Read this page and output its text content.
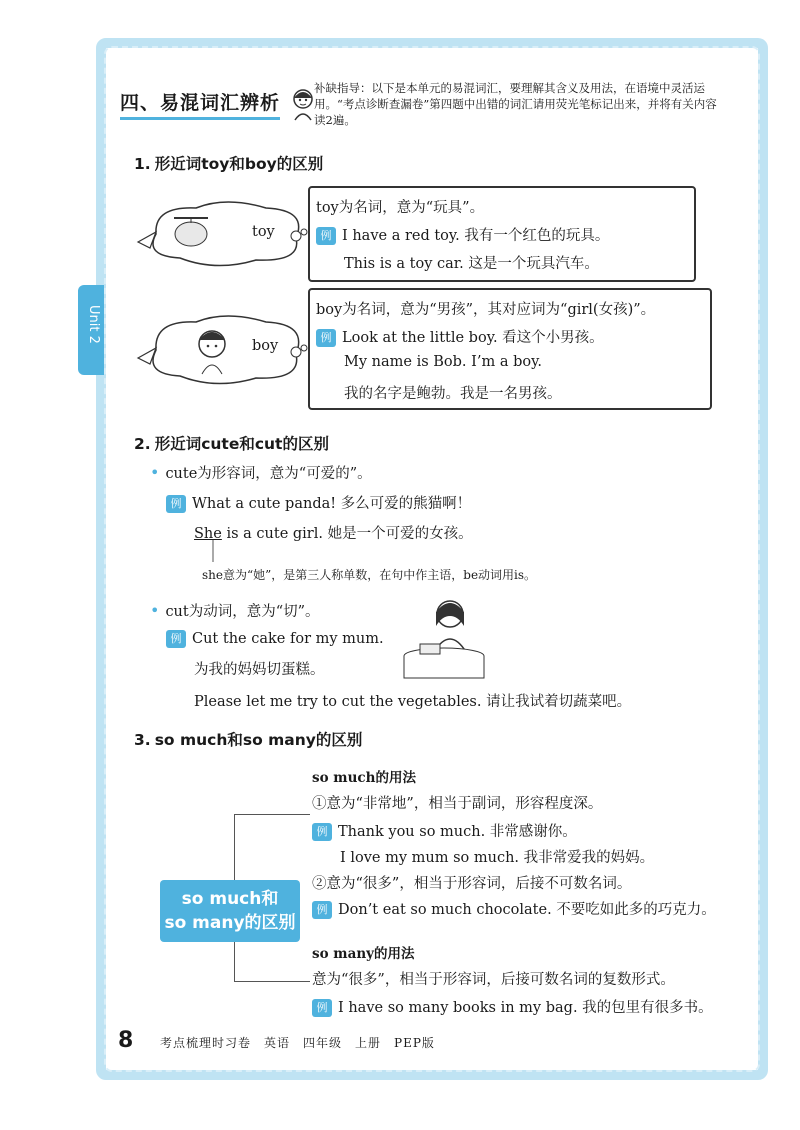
Unit 2
四、易混词汇辨析
补缺指导：以下是本单元的易混词汇，要理解其含义及用法，在语境中灵活运用。“考点诊断查漏卷”第四题中出错的词汇请用荧光笔标记出来，并将有关内容读2遍。
1. 形近词toy和boy的区别
toy
toy为名词，意为“玩具”。
例 I have a red toy. 我有一个红色的玩具。
This is a toy car. 这是一个玩具汽车。
boy
boy为名词，意为“男孩”，其对应词为“girl(女孩)”。
例 Look at the little boy. 看这个小男孩。
My name is Bob. I’m a boy.
我的名字是鲍勃。我是一名男孩。
2. 形近词cute和cut的区别
• cute为形容词，意为“可爱的”。
例 What a cute panda! 多么可爱的熊猫啊！
She is a cute girl. 她是一个可爱的女孩。
she意为“她”，是第三人称单数，在句中作主语，be动词用is。
• cut为动词，意为“切”。
例 Cut the cake for my mum.
为我的妈妈切蛋糕。
Please let me try to cut the vegetables. 请让我试着切蔬菜吧。
3. so much和so many的区别
so much和
so many的区别
so much的用法
①意为“非常地”，相当于副词，形容程度深。
例 Thank you so much. 非常感谢你。
I love my mum so much. 我非常爱我的妈妈。
②意为“很多”，相当于形容词，后接不可数名词。
例 Don’t eat so much chocolate. 不要吃如此多的巧克力。
so many的用法
意为“很多”，相当于形容词，后接可数名词的复数形式。
例 I have so many books in my bag. 我的包里有很多书。
8 考点梳理时习卷　英语　四年级　上册　PEP版
